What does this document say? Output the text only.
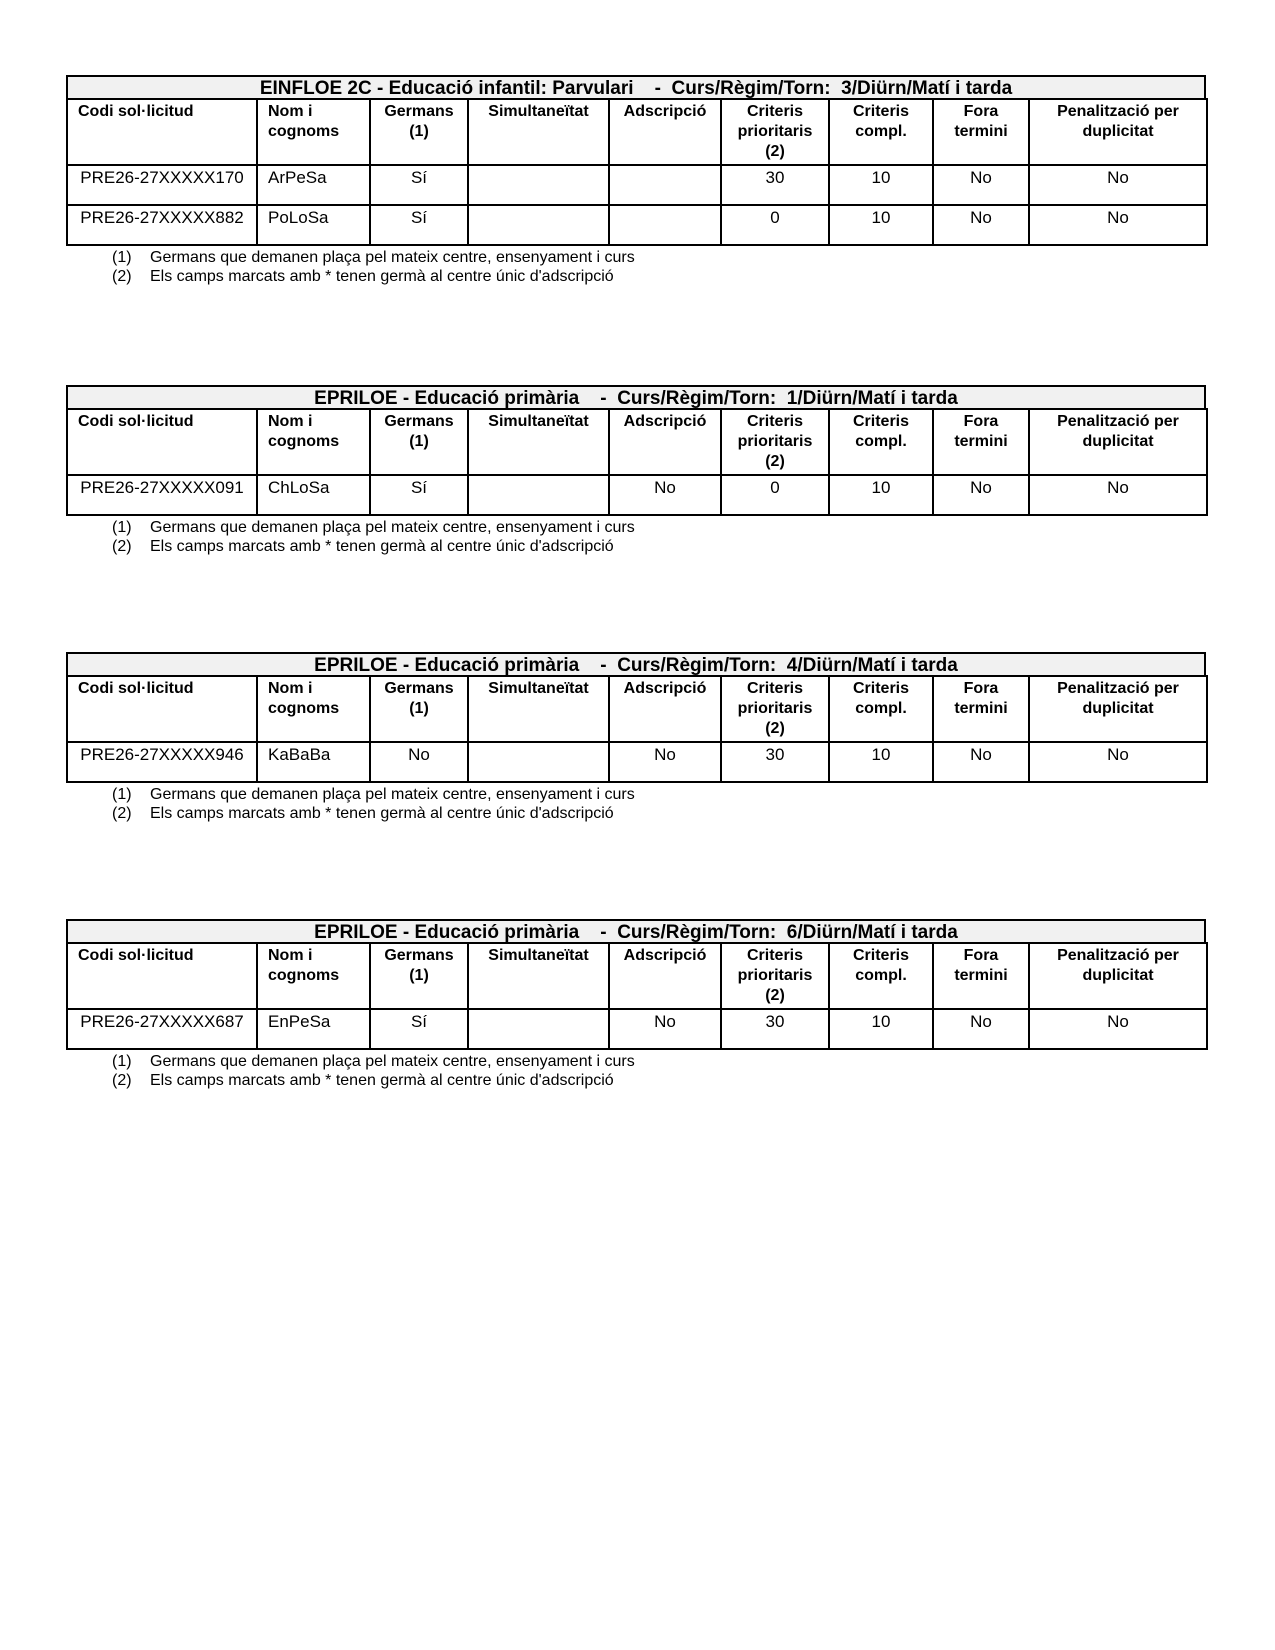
EINFLOE 2C - Educació infantil: Parvulari    -  Curs/Règim/Torn:  3/Diürn/Matí i tarda
Codi sol·licitud	Nom i cognoms	Germans (1)	Simultaneïtat	Adscripció	Criteris prioritaris (2)	Criteris compl.	Fora termini	Penalització per duplicitat
PRE26-27XXXXX170	ArPeSa	Sí			30	10	No	No
PRE26-27XXXXX882	PoLoSa	Sí			0	10	No	No
(1) Germans que demanen plaça pel mateix centre, ensenyament i curs
(2) Els camps marcats amb * tenen germà al centre únic d'adscripció
EPRILOE - Educació primària    -  Curs/Règim/Torn:  1/Diürn/Matí i tarda
Codi sol·licitud	Nom i cognoms	Germans (1)	Simultaneïtat	Adscripció	Criteris prioritaris (2)	Criteris compl.	Fora termini	Penalització per duplicitat
PRE26-27XXXXX091	ChLoSa	Sí		No	0	10	No	No
(1) Germans que demanen plaça pel mateix centre, ensenyament i curs
(2) Els camps marcats amb * tenen germà al centre únic d'adscripció
EPRILOE - Educació primària    -  Curs/Règim/Torn:  4/Diürn/Matí i tarda
Codi sol·licitud	Nom i cognoms	Germans (1)	Simultaneïtat	Adscripció	Criteris prioritaris (2)	Criteris compl.	Fora termini	Penalització per duplicitat
PRE26-27XXXXX946	KaBaBa	No		No	30	10	No	No
(1) Germans que demanen plaça pel mateix centre, ensenyament i curs
(2) Els camps marcats amb * tenen germà al centre únic d'adscripció
EPRILOE - Educació primària    -  Curs/Règim/Torn:  6/Diürn/Matí i tarda
Codi sol·licitud	Nom i cognoms	Germans (1)	Simultaneïtat	Adscripció	Criteris prioritaris (2)	Criteris compl.	Fora termini	Penalització per duplicitat
PRE26-27XXXXX687	EnPeSa	Sí		No	30	10	No	No
(1) Germans que demanen plaça pel mateix centre, ensenyament i curs
(2) Els camps marcats amb * tenen germà al centre únic d'adscripció
